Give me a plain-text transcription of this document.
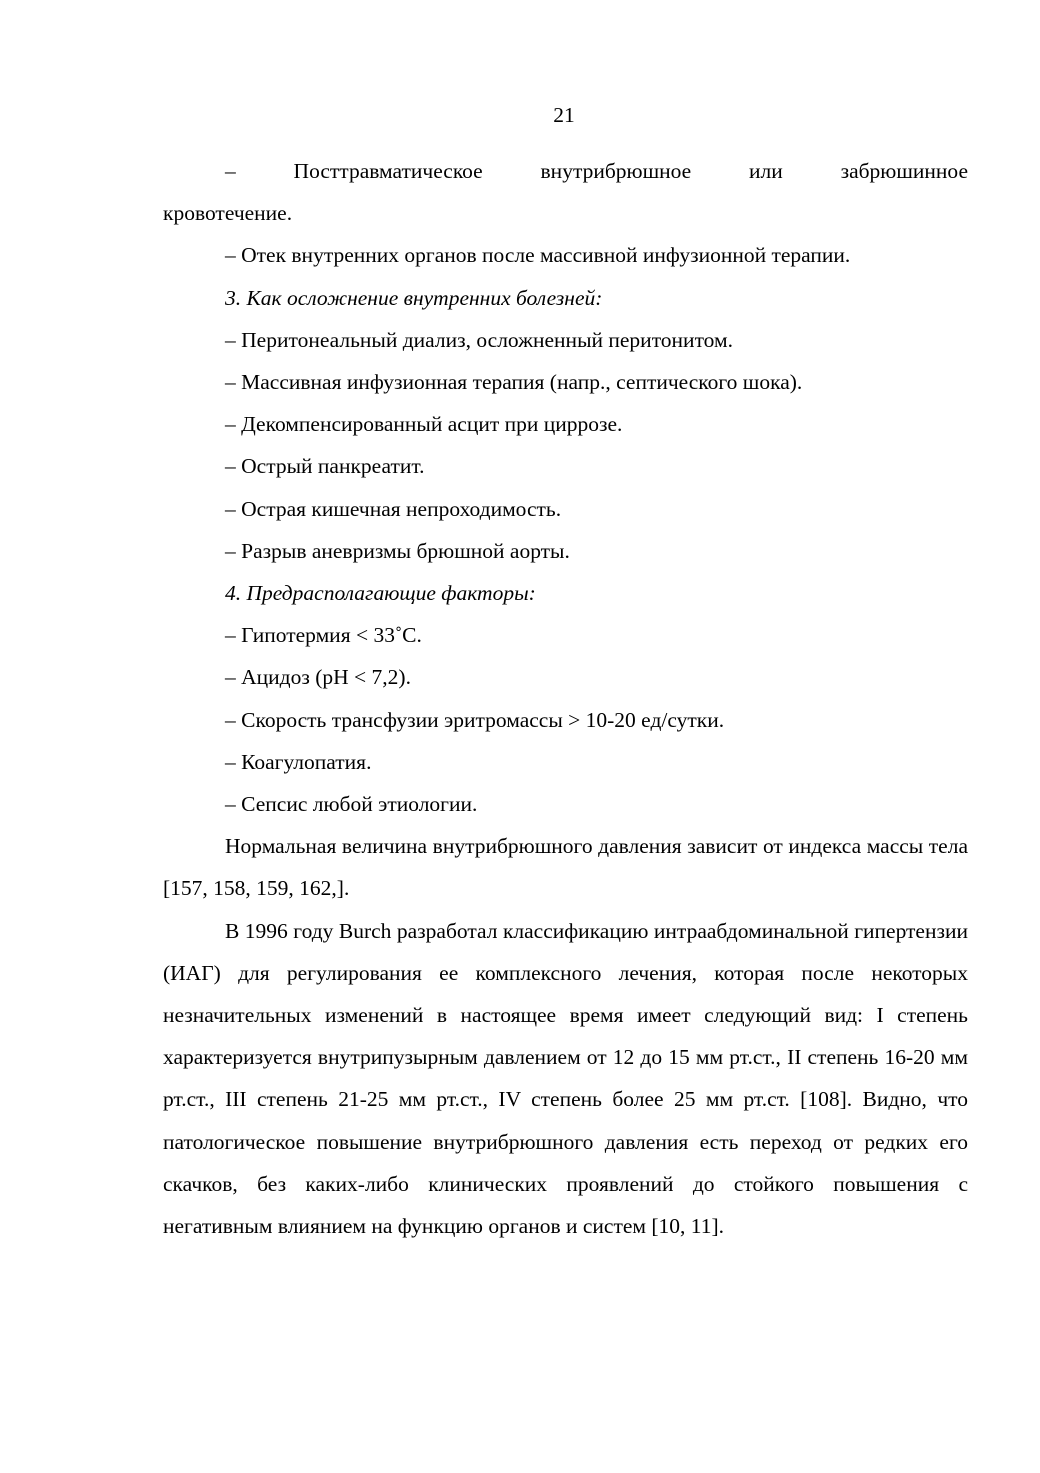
21

– Посттравматическое внутрибрюшное или забрюшинное

кровотечение.

– Отек внутренних органов после массивной инфузионной терапии.

3. Как осложнение внутренних болезней:

– Перитонеальный диализ, осложненный перитонитом.

– Массивная инфузионная терапия (напр., септического шока).

– Декомпенсированный асцит при циррозе.

– Острый панкреатит.

– Острая кишечная непроходимость.

– Разрыв аневризмы брюшной аорты.

4. Предрасполагающие факторы:

– Гипотермия < 33˚С.

– Ацидоз (pH < 7,2).

– Скорость трансфузии эритромассы > 10-20 ед/сутки.

– Коагулопатия.

– Сепсис любой этиологии.

Нормальная величина внутрибрюшного давления зависит от индекса массы тела [157, 158, 159, 162,].

В 1996 году Burch разработал классификацию интраабдоминальной гипертензии (ИАГ) для регулирования ее комплексного лечения, которая после некоторых незначительных изменений в настоящее время имеет следующий вид: I степень характеризуется внутрипузырным давлением от 12 до 15 мм рт.ст., II степень 16-20 мм рт.ст., III степень 21-25 мм рт.ст., IV степень более 25 мм рт.ст. [108]. Видно, что патологическое повышение внутрибрюшного давления есть переход от редких его скачков, без каких-либо клинических проявлений до стойкого повышения с негативным влиянием на функцию органов и систем [10, 11].
